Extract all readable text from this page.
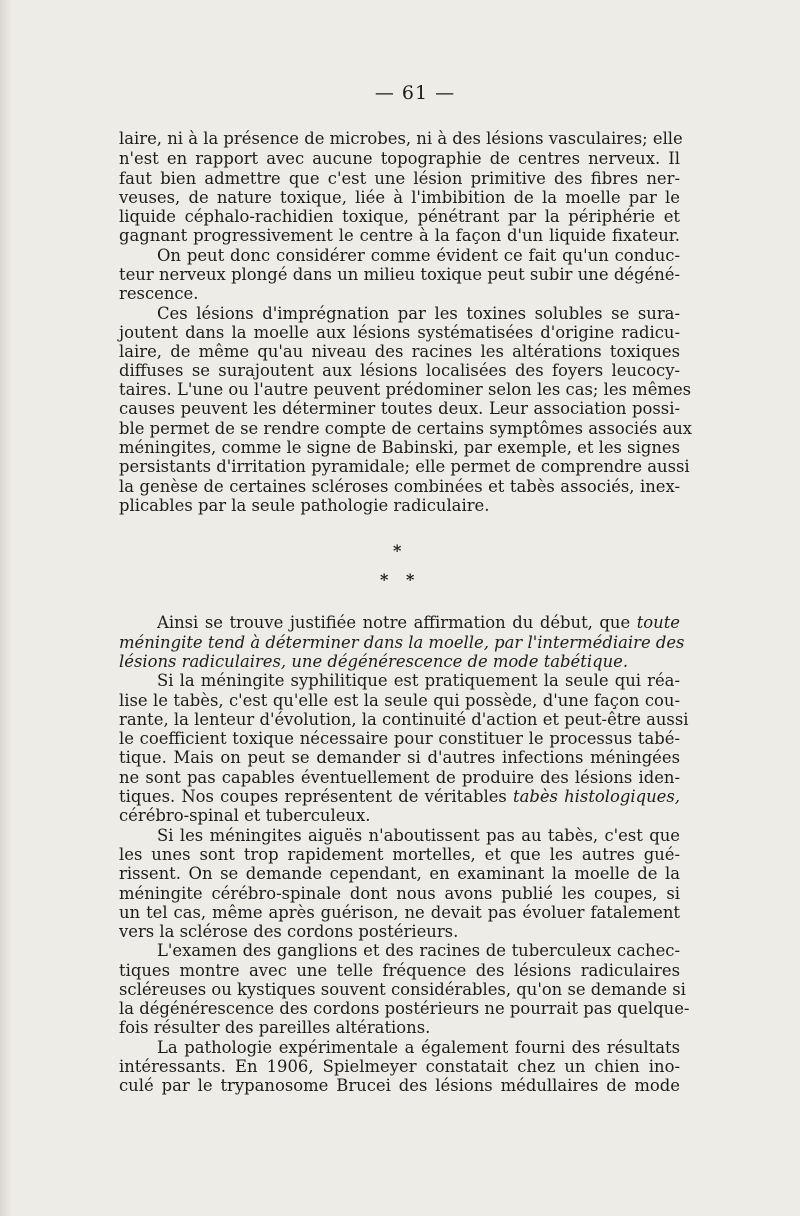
— 61 —
laire, ni à la présence de microbes, ni à des lésions vasculaires; elle
n'est en rapport avec aucune topographie de centres nerveux. Il
faut bien admettre que c'est une lésion primitive des fibres ner-
veuses, de nature toxique, liée à l'imbibition de la moelle par le
liquide céphalo-rachidien toxique, pénétrant par la périphérie et
gagnant progressivement le centre à la façon d'un liquide fixateur.
On peut donc considérer comme évident ce fait qu'un conduc-
teur nerveux plongé dans un milieu toxique peut subir une dégéné-
rescence.
Ces lésions d'imprégnation par les toxines solubles se sura-
joutent dans la moelle aux lésions systématisées d'origine radicu-
laire, de même qu'au niveau des racines les altérations toxiques
diffuses se surajoutent aux lésions localisées des foyers leucocy-
taires. L'une ou l'autre peuvent prédominer selon les cas; les mêmes
causes peuvent les déterminer toutes deux. Leur association possi-
ble permet de se rendre compte de certains symptômes associés aux
méningites, comme le signe de Babinski, par exemple, et les signes
persistants d'irritation pyramidale; elle permet de comprendre aussi
la genèse de certaines scléroses combinées et tabès associés, inex-
plicables par la seule pathologie radiculaire.
*
* *
Ainsi se trouve justifiée notre affirmation du début, que toute
méningite tend à déterminer dans la moelle, par l'intermédiaire des
lésions radiculaires, une dégénérescence de mode tabétique.
Si la méningite syphilitique est pratiquement la seule qui réa-
lise le tabès, c'est qu'elle est la seule qui possède, d'une façon cou-
rante, la lenteur d'évolution, la continuité d'action et peut-être aussi
le coefficient toxique nécessaire pour constituer le processus tabé-
tique. Mais on peut se demander si d'autres infections méningées
ne sont pas capables éventuellement de produire des lésions iden-
tiques. Nos coupes représentent de véritables tabès histologiques,
cérébro-spinal et tuberculeux.
Si les méningites aiguës n'aboutissent pas au tabès, c'est que
les unes sont trop rapidement mortelles, et que les autres gué-
rissent. On se demande cependant, en examinant la moelle de la
méningite cérébro-spinale dont nous avons publié les coupes, si
un tel cas, même après guérison, ne devait pas évoluer fatalement
vers la sclérose des cordons postérieurs.
L'examen des ganglions et des racines de tuberculeux cachec-
tiques montre avec une telle fréquence des lésions radiculaires
scléreuses ou kystiques souvent considérables, qu'on se demande si
la dégénérescence des cordons postérieurs ne pourrait pas quelque-
fois résulter des pareilles altérations.
La pathologie expérimentale a également fourni des résultats
intéressants. En 1906, Spielmeyer constatait chez un chien ino-
culé par le trypanosome Brucei des lésions médullaires de mode
